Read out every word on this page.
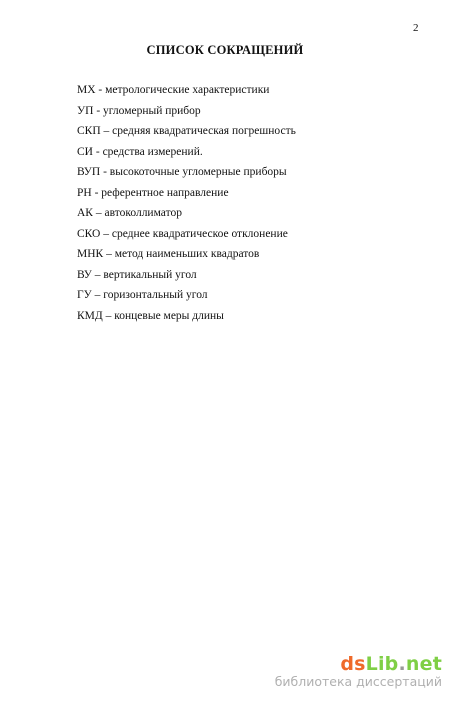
2
СПИСОК СОКРАЩЕНИЙ
МХ - метрологические характеристики
УП - угломерный прибор
СКП – средняя квадратическая погрешность
СИ - средства измерений.
ВУП - высокоточные угломерные приборы
РН - референтное направление
АК – автоколлиматор
СКО – среднее квадратическое отклонение
МНК – метод наименьших квадратов
ВУ – вертикальный угол
ГУ – горизонтальный угол
КМД – концевые меры длины
dsLib.net
библиотека диссертаций
